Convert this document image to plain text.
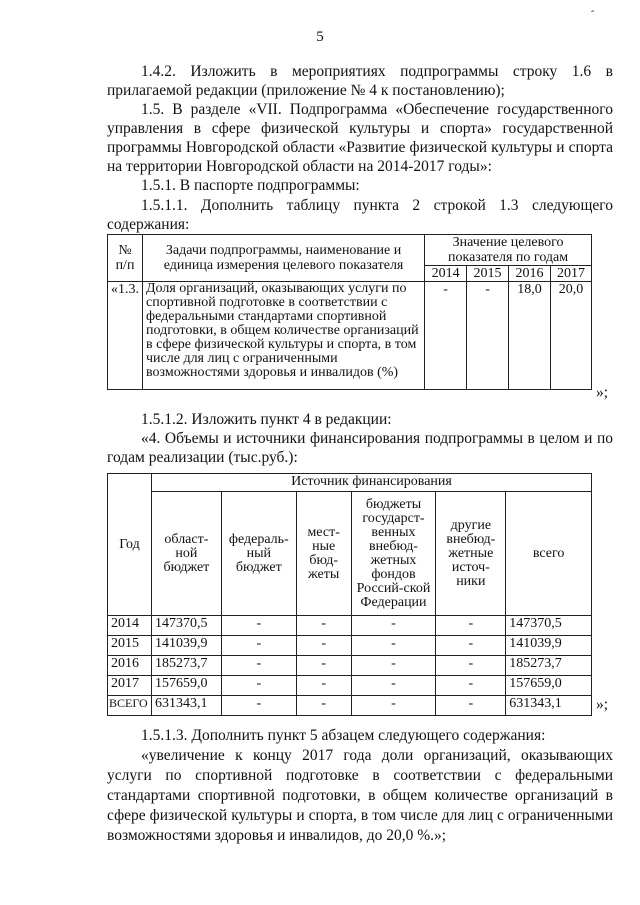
ˆ
5
1.4.2. Изложить в мероприятиях подпрограммы строку 1.6 в прилагаемой редакции (приложение № 4 к постановлению);
1.5. В разделе «VII. Подпрограмма «Обеспечение государственного управления в сфере физической культуры и спорта» государственной программы Новгородской области «Развитие физической культуры и спорта на территории Новгородской области на 2014-2017 годы»:
1.5.1. В паспорте подпрограммы:
1.5.1.1. Дополнить таблицу пункта 2 строкой 1.3 следующего содержания:
№ п/п	Задачи подпрограммы, наименование и единица измерения целевого показателя	Значение целевого показателя по годам			
		2014	2015	2016	2017
«1.3.	Доля организаций, оказывающих услуги по спортивной подготовке в соответствии с федеральными стандартами спортивной подготовки, в общем количестве организаций в сфере физической культуры и спорта, в том числе для лиц с ограниченными возможностями здоровья и инвалидов (%)	-	-	18,0	20,0
»;
1.5.1.2. Изложить пункт 4 в редакции:
«4. Объемы и источники финансирования подпрограммы в целом и по годам реализации (тыс.руб.):
Год	Источник финансирования					
	област-ной бюджет	федераль-ный бюджет	мест-ные бюд-жеты	бюджеты государст-венных внебюд-жетных фондов Россий-ской Федерации	другие внебюд-жетные источ-ники	всего
2014	147370,5	-	-	-	-	147370,5
2015	141039,9	-	-	-	-	141039,9
2016	185273,7	-	-	-	-	185273,7
2017	157659,0	-	-	-	-	157659,0
ВСЕГО	631343,1	-	-	-	-	631343,1 »;
1.5.1.3. Дополнить пункт 5 абзацем следующего содержания:
«увеличение к концу 2017 года доли организаций, оказывающих услуги по спортивной подготовке в соответствии с федеральными стандартами спортивной подготовки, в общем количестве организаций в сфере физической культуры и спорта, в том числе для лиц с ограниченными возможностями здоровья и инвалидов, до 20,0 %.»;
